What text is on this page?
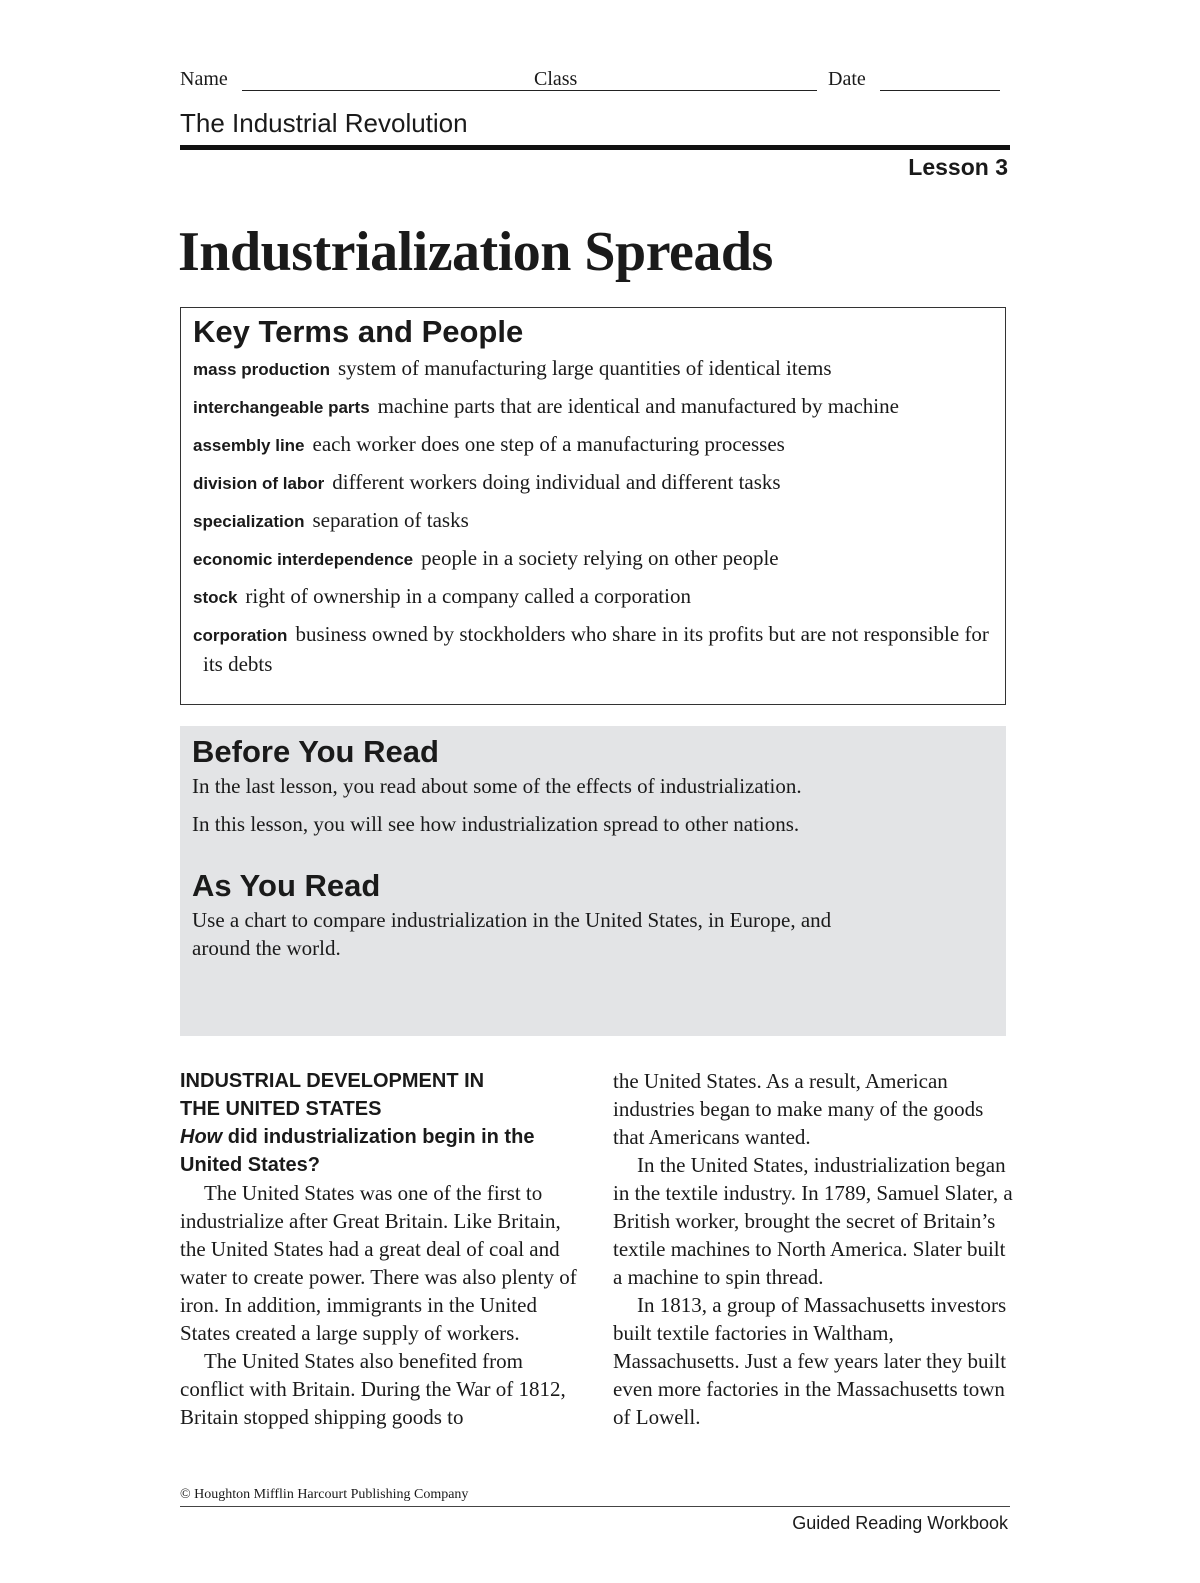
Name	Class	Date
The Industrial Revolution
Lesson 3
Industrialization Spreads
Key Terms and People

mass production system of manufacturing large quantities of identical items

interchangeable parts machine parts that are identical and manufactured by machine

assembly line each worker does one step of a manufacturing processes

division of labor different workers doing individual and different tasks

specialization separation of tasks

economic interdependence people in a society relying on other people

stock right of ownership in a company called a corporation

corporation business owned by stockholders who share in its profits but are not responsible for its debts

Before You Read

In the last lesson, you read about some of the effects of industrialization.

In this lesson, you will see how industrialization spread to other nations.

As You Read

Use a chart to compare industrialization in the United States, in Europe, and around the world.

INDUSTRIAL DEVELOPMENT IN
THE UNITED STATES

How did industrialization begin in the United States?

The United States was one of the first to industrialize after Great Britain. Like Britain, the United States had a great deal of coal and water to create power. There was also plenty of iron. In addition, immigrants in the United States created a large supply of workers.

The United States also benefited from conflict with Britain. During the War of 1812, Britain stopped shipping goods to

the United States. As a result, American industries began to make many of the goods that Americans wanted.

In the United States, industrialization began in the textile industry. In 1789, Samuel Slater, a British worker, brought the secret of Britain’s textile machines to North America. Slater built a machine to spin thread.

In 1813, a group of Massachusetts investors built textile factories in Waltham, Massachusetts. Just a few years later they built even more factories in the Massachusetts town of Lowell.

© Houghton Mifflin Harcourt Publishing Company
Guided Reading Workbook
